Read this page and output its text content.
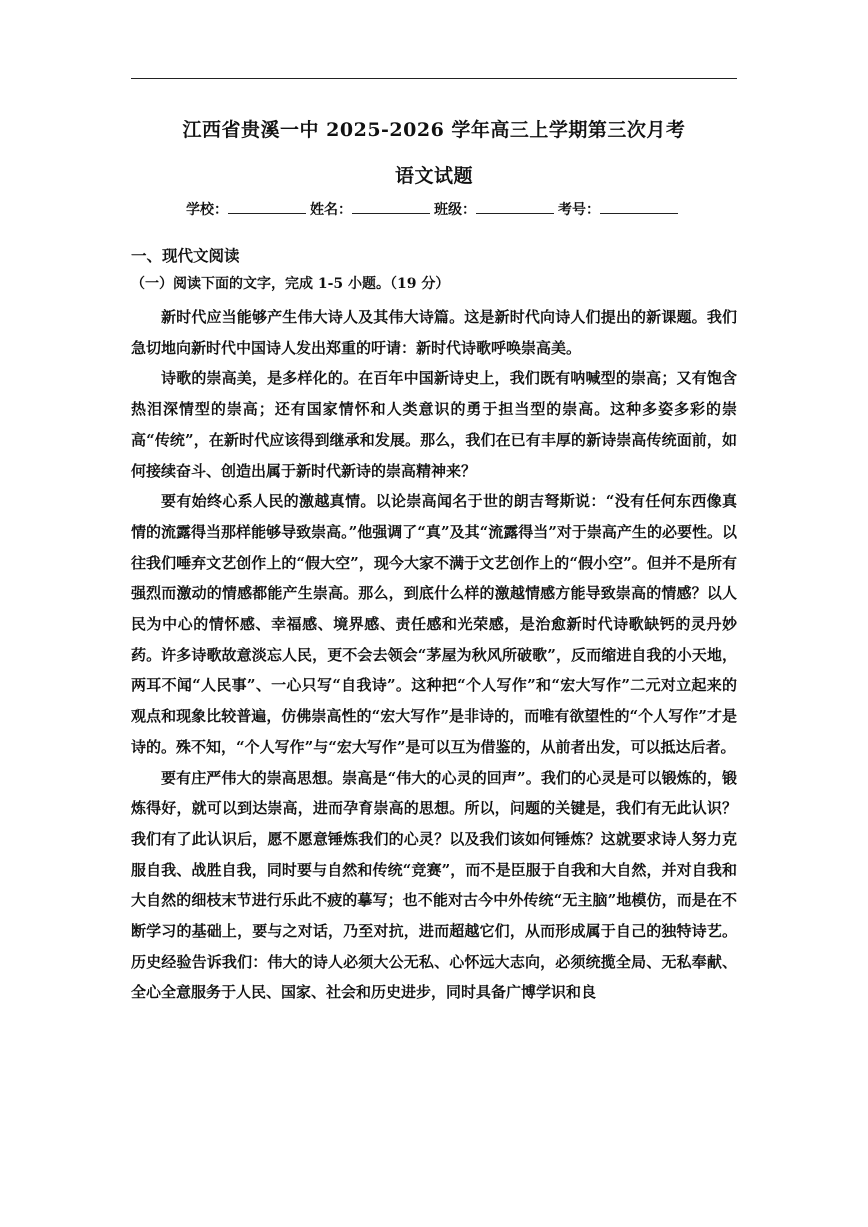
江西省贵溪一中 2025-2026 学年高三上学期第三次月考
语文试题
学校：	姓名：	班级：	考号：
一、现代文阅读
（一）阅读下面的文字，完成 1-5 小题。（19 分）

新时代应当能够产生伟大诗人及其伟大诗篇。这是新时代向诗人们提出的新课题。我们急切地向新时代中国诗人发出郑重的吁请：新时代诗歌呼唤崇高美。

诗歌的崇高美，是多样化的。在百年中国新诗史上，我们既有呐喊型的崇高；又有饱含热泪深情型的崇高；还有国家情怀和人类意识的勇于担当型的崇高。这种多姿多彩的崇高“传统”，在新时代应该得到继承和发展。那么，我们在已有丰厚的新诗崇高传统面前，如何接续奋斗、创造出属于新时代新诗的崇高精神来？

要有始终心系人民的激越真情。以论崇高闻名于世的朗吉弩斯说：“没有任何东西像真情的流露得当那样能够导致崇高。”他强调了“真”及其“流露得当”对于崇高产生的必要性。以往我们唾弃文艺创作上的“假大空”，现今大家不满于文艺创作上的“假小空”。但并不是所有强烈而激动的情感都能产生崇高。那么，到底什么样的激越情感方能导致崇高的情感？以人民为中心的情怀感、幸福感、境界感、责任感和光荣感，是治愈新时代诗歌缺钙的灵丹妙药。许多诗歌故意淡忘人民，更不会去领会“茅屋为秋风所破歌”，反而缩进自我的小天地，两耳不闻“人民事”、一心只写“自我诗”。这种把“个人写作”和“宏大写作”二元对立起来的观点和现象比较普遍，仿佛崇高性的“宏大写作”是非诗的，而唯有欲望性的“个人写作”才是诗的。殊不知，“个人写作”与“宏大写作”是可以互为借鉴的，从前者出发，可以抵达后者。

要有庄严伟大的崇高思想。崇高是“伟大的心灵的回声”。我们的心灵是可以锻炼的，锻炼得好，就可以到达崇高，进而孕育崇高的思想。所以，问题的关键是，我们有无此认识？我们有了此认识后，愿不愿意锤炼我们的心灵？以及我们该如何锤炼？这就要求诗人努力克服自我、战胜自我，同时要与自然和传统“竞赛”，而不是臣服于自我和大自然，并对自我和大自然的细枝末节进行乐此不疲的摹写；也不能对古今中外传统“无主脑”地模仿，而是在不断学习的基础上，要与之对话，乃至对抗，进而超越它们，从而形成属于自己的独特诗艺。历史经验告诉我们：伟大的诗人必须大公无私、心怀远大志向，必须统揽全局、无私奉献、全心全意服务于人民、国家、社会和历史进步，同时具备广博学识和良
